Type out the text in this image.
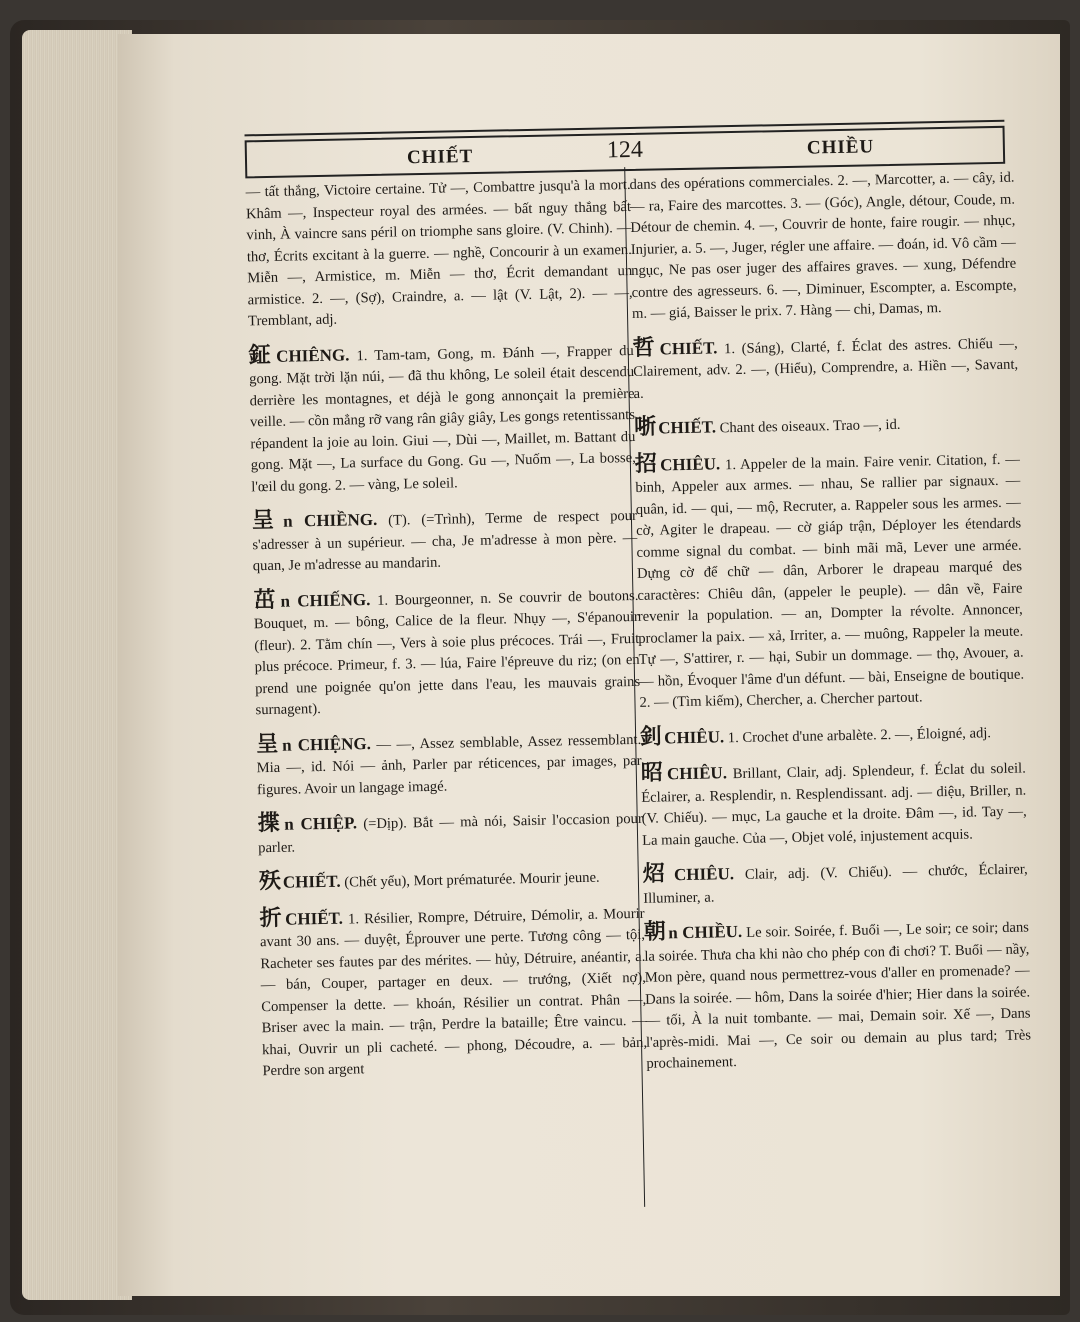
CHIẾT	124	CHIỀU

— tất thắng, Victoire certaine. Tử —, Combattre jusqu'à la mort. Khâm —, Inspecteur royal des armées. — bất nguy thắng bất vinh, À vaincre sans péril on triomphe sans gloire. (V. Chinh). — thơ, Écrits excitant à la guerre. — nghề, Concourir à un examen. Miễn —, Armistice, m. Miễn — thơ, Écrit demandant un armistice. 2. —, (Sợ), Craindre, a. — lật (V. Lật, 2). — —, Tremblant, adj.

鉦CHIÊNG. 1. Tam-tam, Gong, m. Đánh —, Frapper du gong. Mặt trời lặn núi, — đã thu không, Le soleil était descendu derrière les montagnes, et déjà le gong annonçait la première veille. — cồn mẳng rỡ vang rân giây giây, Les gongs retentissants répandent la joie au loin. Giui —, Dùi —, Maillet, m. Battant du gong. Mặt —, La surface du Gong. Gu —, Nuốm —, La bosse, l'œil du gong. 2. — vàng, Le soleil.

呈n CHIỀNG. (T). (=Trình), Terme de respect pour s'adresser à un supérieur. — cha, Je m'adresse à mon père. — quan, Je m'adresse au mandarin.

茁n CHIẾNG. 1. Bourgeonner, n. Se couvrir de boutons. Bouquet, m. — bông, Calice de la fleur. Nhụy —, S'épanouir (fleur). 2. Tằm chín —, Vers à soie plus précoces. Trái —, Fruit plus précoce. Primeur, f. 3. — lúa, Faire l'épreuve du riz; (on en prend une poignée qu'on jette dans l'eau, les mauvais grains surnagent).

呈n CHIỆNG. — —, Assez semblable, Assez ressemblant. Mia —, id. Nói — ảnh, Parler par réticences, par images, par figures. Avoir un langage imagé.

揲n CHIỆP. (=Dịp). Bắt — mà nói, Saisir l'occasion pour parler.

殀CHIẾT. (Chết yểu), Mort prématurée. Mourir jeune.

折CHIẾT. 1. Résilier, Rompre, Détruire, Démolir, a. Mourir avant 30 ans. — duyệt, Éprouver une perte. Tương công — tội, Racheter ses fautes par des mérites. — hủy, Détruire, anéantir, a. — bán, Couper, partager en deux. — trướng, (Xiết nợ), Compenser la dette. — khoán, Résilier un contrat. Phân —, Briser avec la main. — trận, Perdre la bataille; Être vaincu. — khai, Ouvrir un pli cacheté. — phong, Découdre, a. — bản, Perdre son argent

dans des opérations commerciales. 2. —, Marcotter, a. — cây, id. — ra, Faire des marcottes. 3. — (Góc), Angle, détour, Coude, m. Détour de chemin. 4. —, Couvrir de honte, faire rougir. — nhục, Injurier, a. 5. —, Juger, régler une affaire. — đoán, id. Vô cầm — ngục, Ne pas oser juger des affaires graves. — xung, Défendre contre des agresseurs. 6. —, Diminuer, Escompter, a. Escompte, m. — giá, Baisser le prix. 7. Hàng — chi, Damas, m.

哲CHIẾT. 1. (Sáng), Clarté, f. Éclat des astres. Chiếu —, Clairement, adv. 2. —, (Hiểu), Comprendre, a. Hiền —, Savant, a.

哳CHIẾT. Chant des oiseaux. Trao —, id.

招CHIÊU. 1. Appeler de la main. Faire venir. Citation, f. — binh, Appeler aux armes. — nhau, Se rallier par signaux. — quân, id. — qui, — mộ, Recruter, a. Rappeler sous les armes. — cờ, Agiter le drapeau. — cờ giáp trận, Déployer les étendards comme signal du combat. — binh mãi mã, Lever une armée. Dựng cờ để chữ — dân, Arborer le drapeau marqué des caractères: Chiêu dân, (appeler le peuple). — dân về, Faire revenir la population. — an, Dompter la révolte. Annoncer, proclamer la paix. — xả, Irriter, a. — muông, Rappeler la meute. Tự —, S'attirer, r. — hại, Subir un dommage. — thọ, Avouer, a. — hồn, Évoquer l'âme d'un défunt. — bài, Enseigne de boutique. 2. — (Tìm kiếm), Chercher, a. Chercher partout.

釗CHIÊU. 1. Crochet d'une arbalète. 2. —, Éloigné, adj.

昭CHIÊU. Brillant, Clair, adj. Splendeur, f. Éclat du soleil. Éclairer, a. Resplendir, n. Resplendissant. adj. — diệu, Briller, n. (V. Chiếu). — mục, La gauche et la droite. Đâm —, id. Tay —, La main gauche. Của —, Objet volé, injustement acquis.

炤CHIÊU. Clair, adj. (V. Chiếu). — chước, Éclairer, Illuminer, a.

朝n CHIỀU. Le soir. Soirée, f. Buổi —, Le soir; ce soir; dans la soirée. Thưa cha khi nào cho phép con đi chơi? T. Buổi — nầy, Mon père, quand nous permettrez-vous d'aller en promenade? — Dans la soirée. — hôm, Dans la soirée d'hier; Hier dans la soirée. — tối, À la nuit tombante. — mai, Demain soir. Xế —, Dans l'après-midi. Mai —, Ce soir ou demain au plus tard; Très prochainement.
